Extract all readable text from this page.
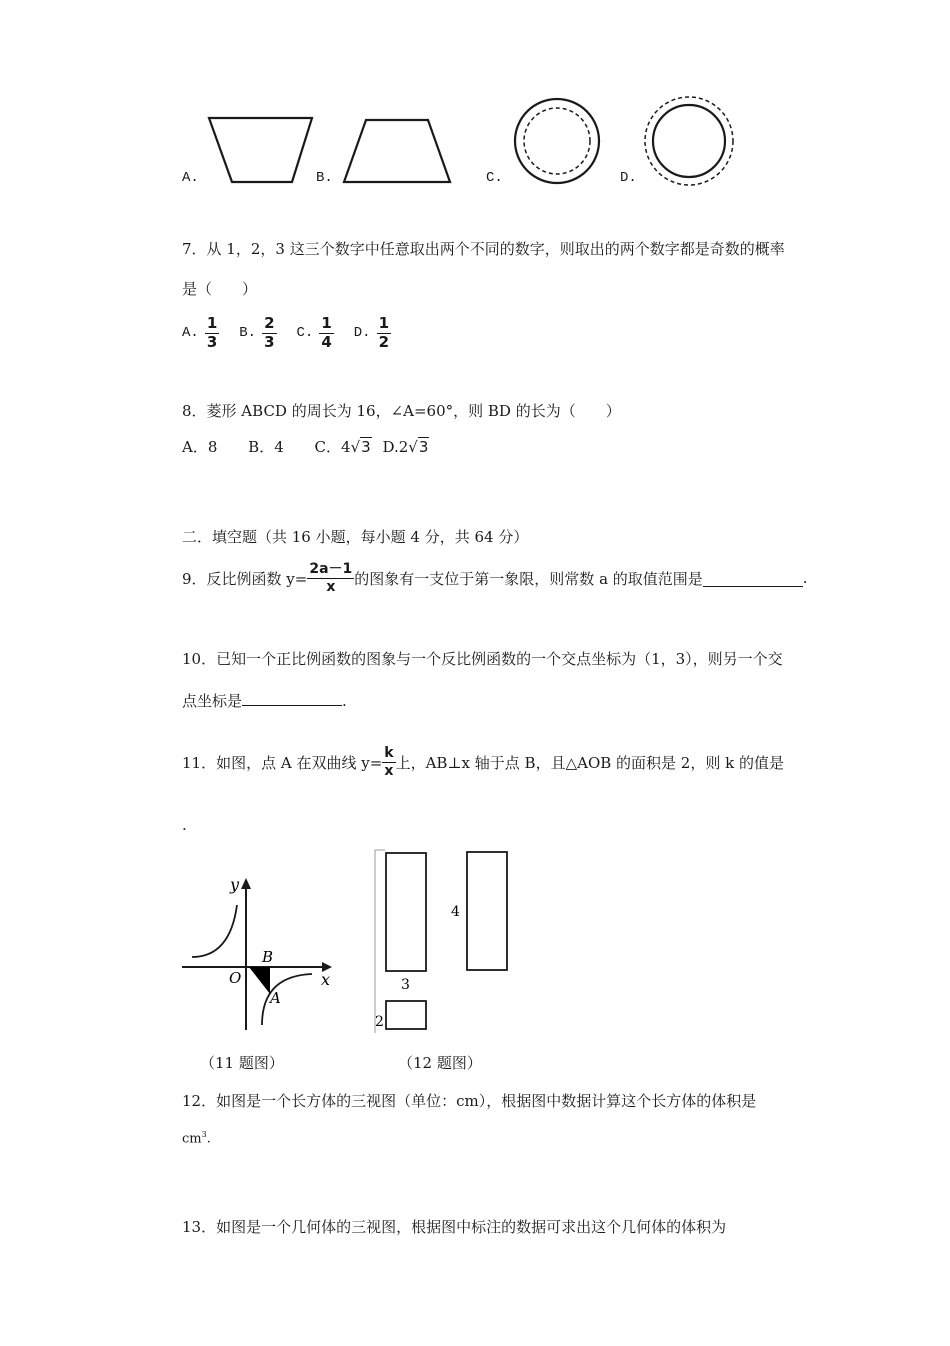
A.	B.	C.	D.
7．从 1，2，3 这三个数字中任意取出两个不同的数字，则取出的两个数字都是奇数的概率
是（　　）
A. $\frac{1}{3} B$. $\frac{2}{3} C$. $\frac{1}{4} D$. $\frac{1}{2}$
8．菱形 ABCD 的周长为 16，∠A=60°，则 BD 的长为（　　）
A．8 B．4 C．4√3 D.2√3
二．填空题（共 16 小题，每小题 4 分，共 64 分）
9．反比例函数 $y= \frac{2a-1}{x}$ 的图象有一支位于第一象限，则常数 a 的取值范围是	.
10．已知一个正比例函数的图象与一个反比例函数的一个交点坐标为（1，3），则另一个交
点坐标是	.
11．如图，点 A 在双曲线 $y= \frac{k}{x}$ 上，AB⊥x 轴于点 B，且△AOB 的面积是 2，则 k 的值是
.
y
x
O
B
A
（11 题图）
3
4
2
（12 题图）
12．如图是一个长方体的三视图（单位：cm），根据图中数据计算这个长方体的体积是
$cm^3$.
13．如图是一个几何体的三视图，根据图中标注的数据可求出这个几何体的体积为
